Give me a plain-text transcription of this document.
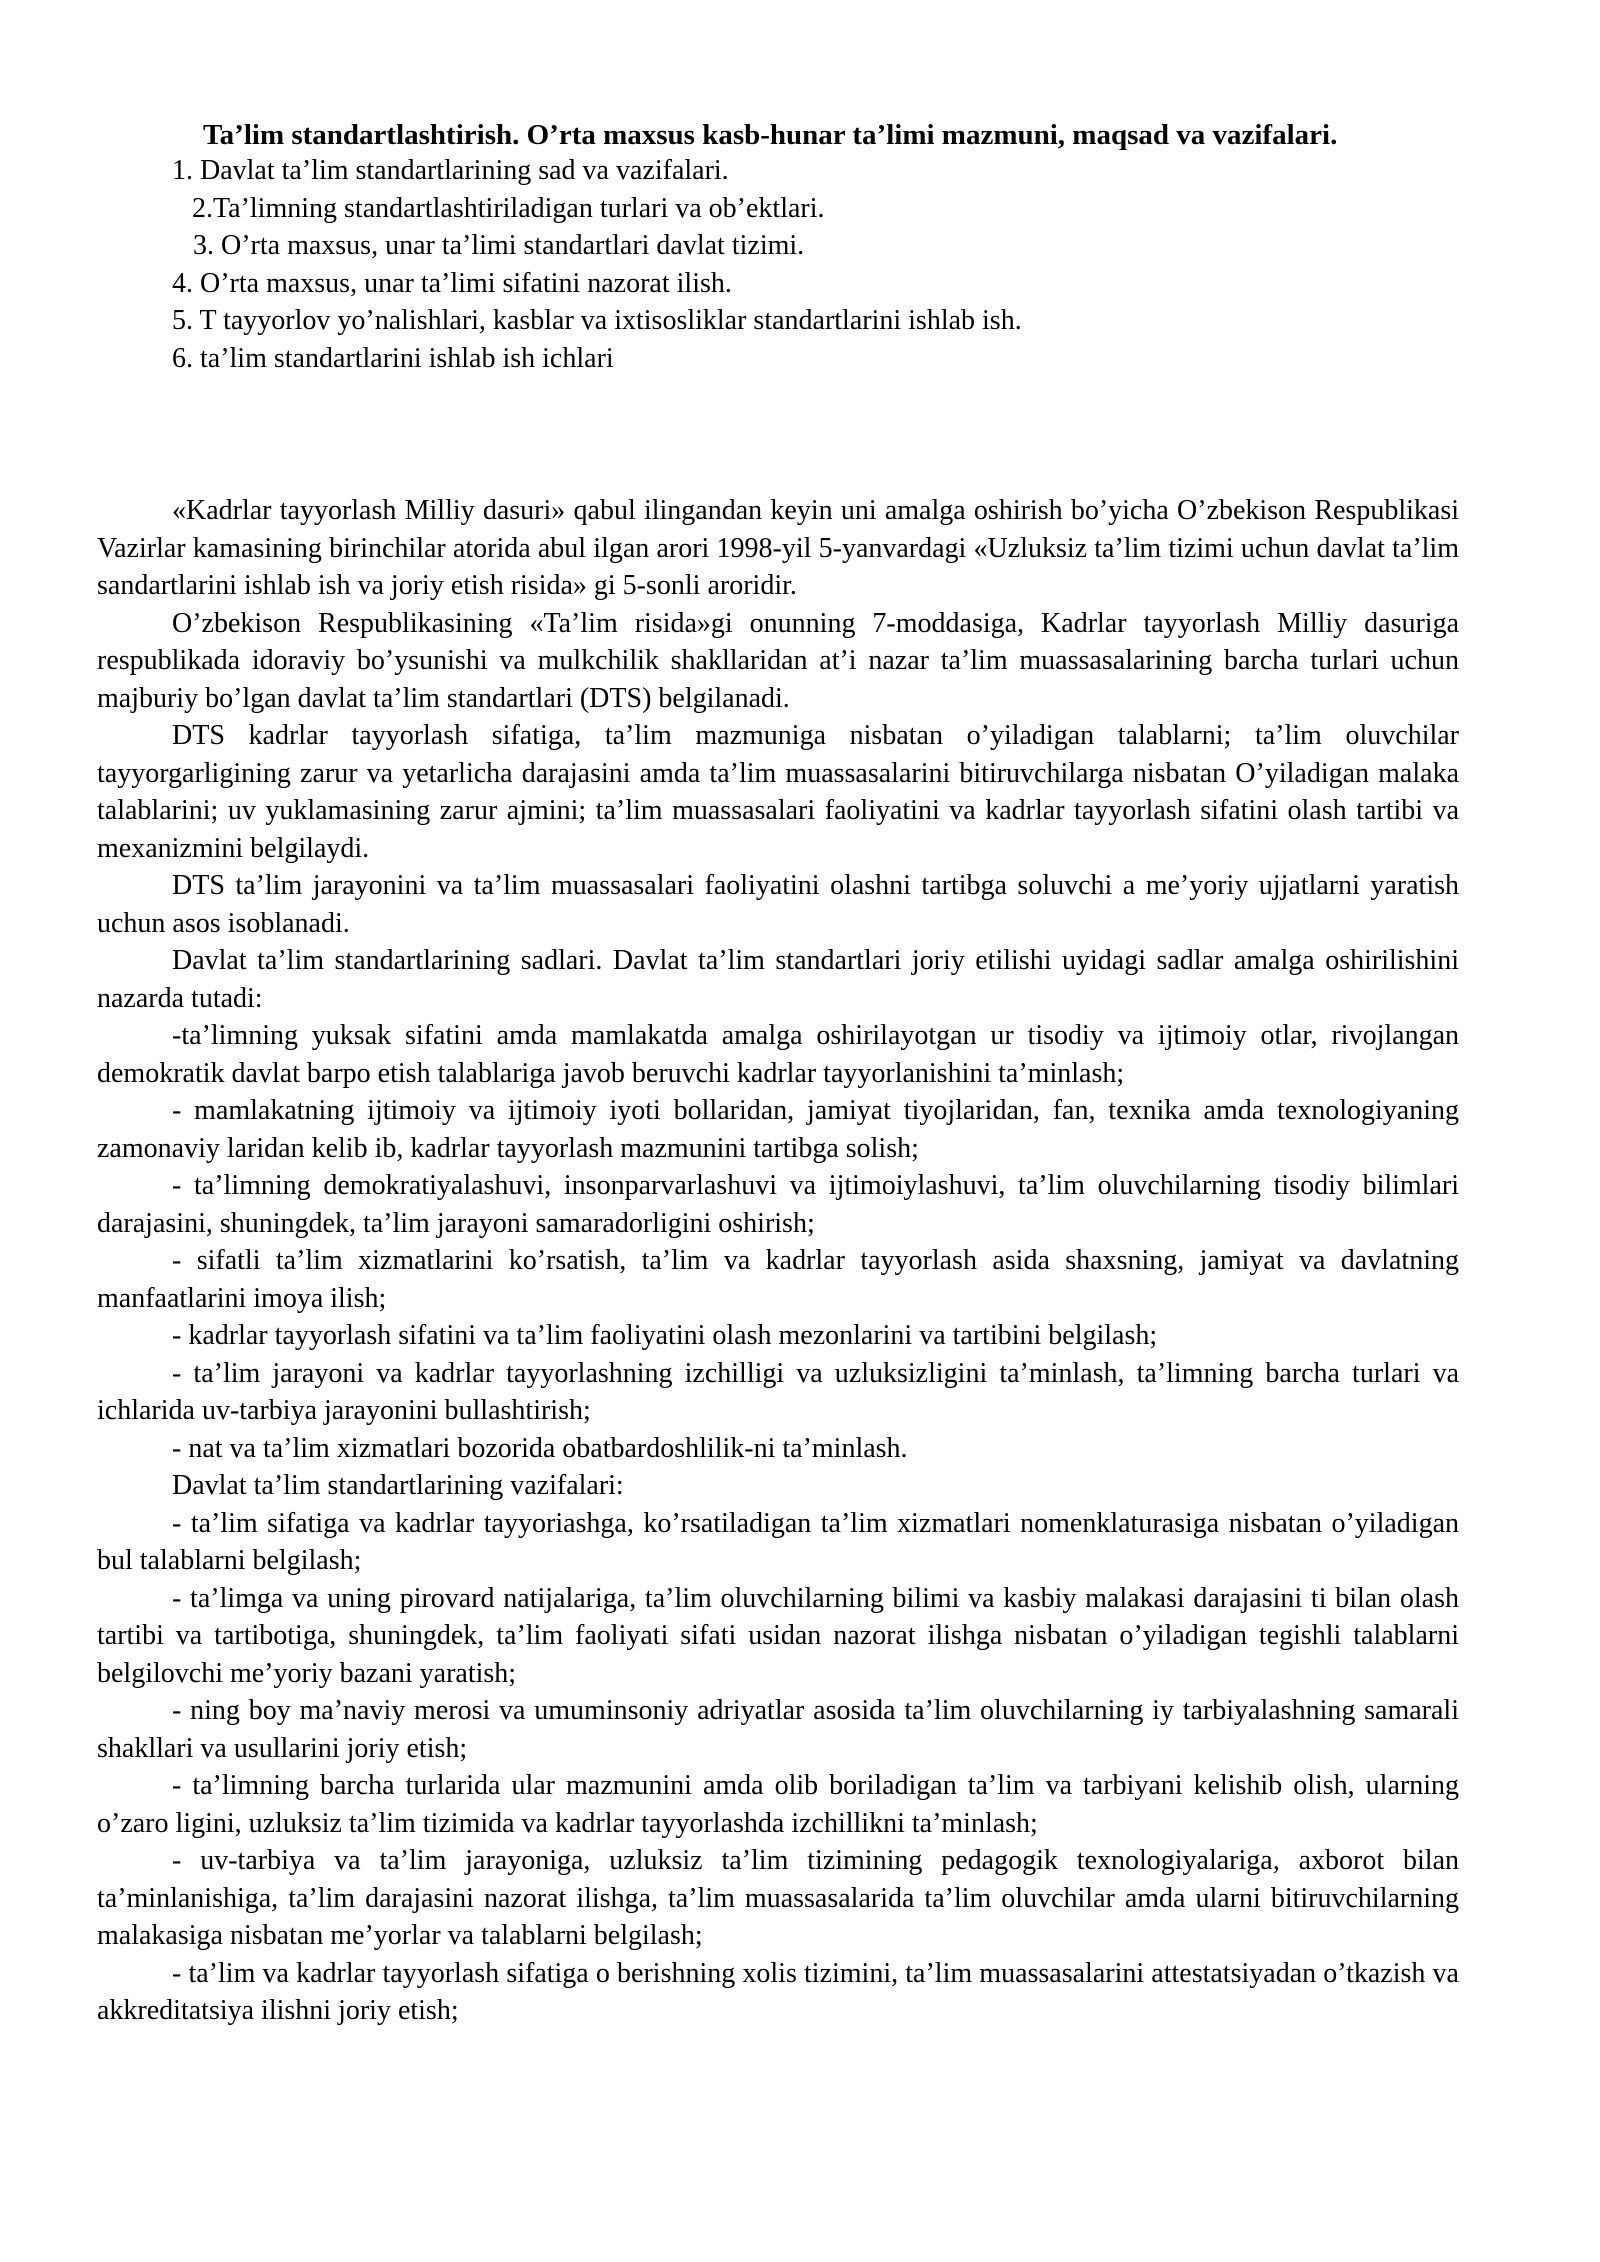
Ta’lim standartlashtirish. O’rta maxsus kasb-hunar ta’limi mazmuni, maqsad va vazifalari.
1. Davlat ta’lim standartlarining sad va vazifalari.
2.Ta’limning standartlashtiriladigan turlari va ob’ektlari.
3. O’rta maxsus, unar ta’limi standartlari davlat tizimi.
4. O’rta maxsus, unar ta’limi sifatini nazorat ilish.
5. T tayyorlov yo’nalishlari, kasblar va ixtisosliklar standartlarini ishlab ish.
6. ta’lim standartlarini ishlab ish ichlari

«Kadrlar tayyorlash Milliy dasuri» qabul ilingandan keyin uni amalga oshirish bo’yicha O’zbekison Respublikasi Vazirlar kamasining birinchilar atorida abul ilgan arori 1998-yil 5-yanvardagi «Uzluksiz ta’lim tizimi uchun davlat ta’lim sandartlarini ishlab ish va joriy etish risida» gi 5-sonli aroridir.

O’zbekison Respublikasining «Ta’lim risida»gi onunning 7-moddasiga, Kadrlar tayyorlash Milliy dasuriga respublikada idoraviy bo’ysunishi va mulkchilik shakllaridan at’i nazar ta’lim muassasalarining barcha turlari uchun majburiy bo’lgan davlat ta’lim standartlari (DTS) belgilanadi.

DTS kadrlar tayyorlash sifatiga, ta’lim mazmuniga nisbatan o’yiladigan talablarni; ta’lim oluvchilar tayyorgarligining zarur va yetarlicha darajasini amda ta’lim muassasalarini bitiruvchilarga nisbatan O’yiladigan malaka talablarini; uv yuklamasining zarur ajmini; ta’lim muassasalari faoliyatini va kadrlar tayyorlash sifatini olash tartibi va mexanizmini belgilaydi.

DTS ta’lim jarayonini va ta’lim muassasalari faoliyatini olashni tartibga soluvchi a me’yoriy ujjatlarni yaratish uchun asos isoblanadi.

Davlat ta’lim standartlarining sadlari. Davlat ta’lim standartlari joriy etilishi uyidagi sadlar amalga oshirilishini nazarda tutadi:

-ta’limning yuksak sifatini amda mamlakatda amalga oshirilayotgan ur tisodiy va ijtimoiy otlar, rivojlangan demokratik davlat barpo etish talablariga javob beruvchi kadrlar tayyorlanishini ta’minlash;

- mamlakatning ijtimoiy va ijtimoiy iyoti bollaridan, jamiyat tiyojlaridan, fan, texnika amda texnologiyaning zamonaviy laridan kelib ib, kadrlar tayyorlash mazmunini tartibga solish;

- ta’limning demokratiyalashuvi, insonparvarlashuvi va ijtimoiylashuvi, ta’lim oluvchilarning tisodiy bilimlari darajasini, shuningdek, ta’lim jarayoni samaradorligini oshirish;

- sifatli ta’lim xizmatlarini ko’rsatish, ta’lim va kadrlar tayyorlash asida shaxsning, jamiyat va davlatning manfaatlarini imoya ilish;

- kadrlar tayyorlash sifatini va ta’lim faoliyatini olash mezonlarini va tartibini belgilash;

- ta’lim jarayoni va kadrlar tayyorlashning izchilligi va uzluksizligini ta’minlash, ta’limning barcha turlari va ichlarida uv-tarbiya jarayonini bullashtirish;

- nat va ta’lim xizmatlari bozorida obatbardoshlilik-ni ta’minlash.

Davlat ta’lim standartlarining vazifalari:

- ta’lim sifatiga va kadrlar tayyoriashga, ko’rsatiladigan ta’lim xizmatlari nomenklaturasiga nisbatan o’yiladigan bul talablarni belgilash;

- ta’limga va uning pirovard natijalariga, ta’lim oluvchilarning bilimi va kasbiy malakasi darajasini ti bilan olash tartibi va tartibotiga, shuningdek, ta’lim faoliyati sifati usidan nazorat ilishga nisbatan o’yiladigan tegishli talablarni belgilovchi me’yoriy bazani yaratish;

- ning boy ma’naviy merosi va umuminsoniy adriyatlar asosida ta’lim oluvchilarning iy tarbiyalashning samarali shakllari va usullarini joriy etish;

- ta’limning barcha turlarida ular mazmunini amda olib boriladigan ta’lim va tarbiyani kelishib olish, ularning o’zaro ligini, uzluksiz ta’lim tizimida va kadrlar tayyorlashda izchillikni ta’minlash;

- uv-tarbiya va ta’lim jarayoniga, uzluksiz ta’lim tizimining pedagogik texnologiyalariga, axborot bilan ta’minlanishiga, ta’lim darajasini nazorat ilishga, ta’lim muassasalarida ta’lim oluvchilar amda ularni bitiruvchilarning malakasiga nisbatan me’yorlar va talablarni belgilash;

- ta’lim va kadrlar tayyorlash sifatiga o berishning xolis tizimini, ta’lim muassasalarini attestatsiyadan o’tkazish va akkreditatsiya ilishni joriy etish;
